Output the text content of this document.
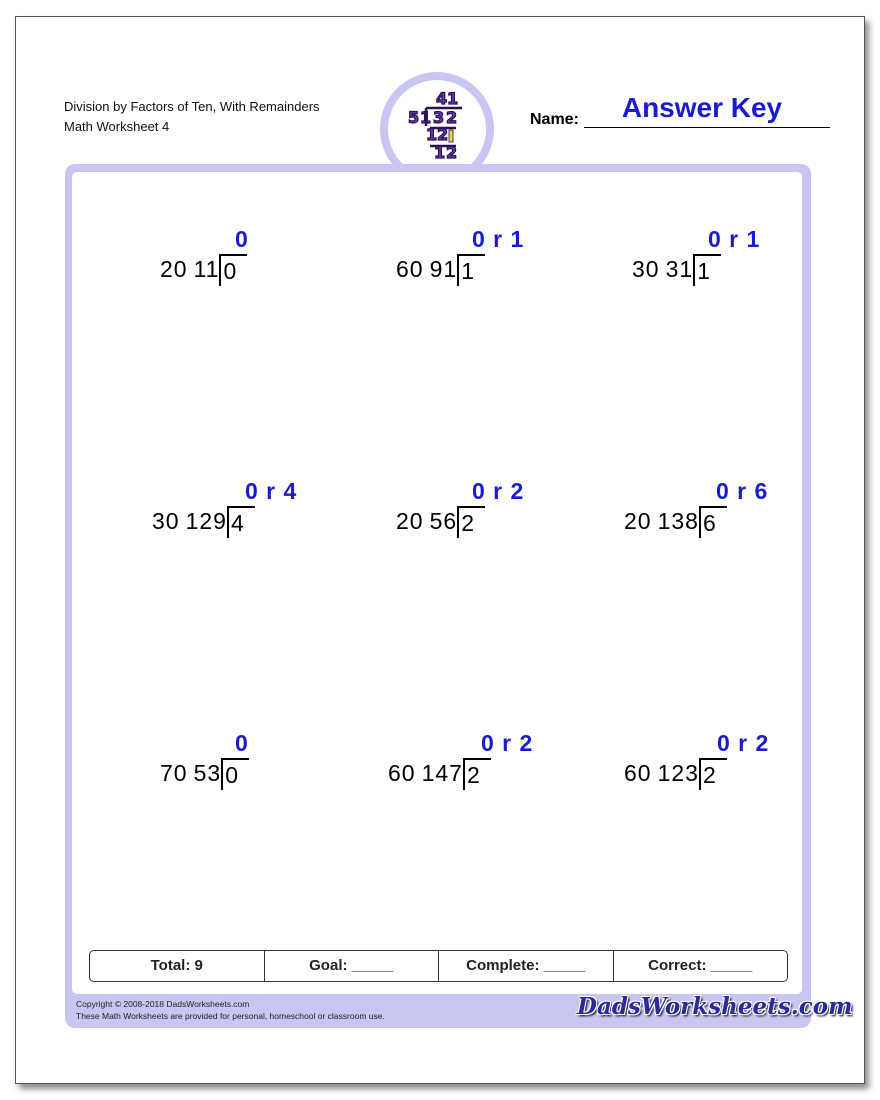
Division by Factors of Ten, With Remainders
Math Worksheet 4
4 1
5 1 3 2
1 2
1 2
Name:	Answer Key
0
20 11 0
0 r 1
60 91 1
0 r 1
30 31 1
0 r 4
30 129 4
0 r 2
20 56 2
0 r 6
20 138 6
0
70 53 0
0 r 2
60 147 2
0 r 2
60 123 2
Total: 9	Goal: _____	Complete: _____	Correct: _____
Copyright © 2008-2018 DadsWorksheets.com
These Math Worksheets are provided for personal, homeschool or classroom use.	DadsWorksheets.com
